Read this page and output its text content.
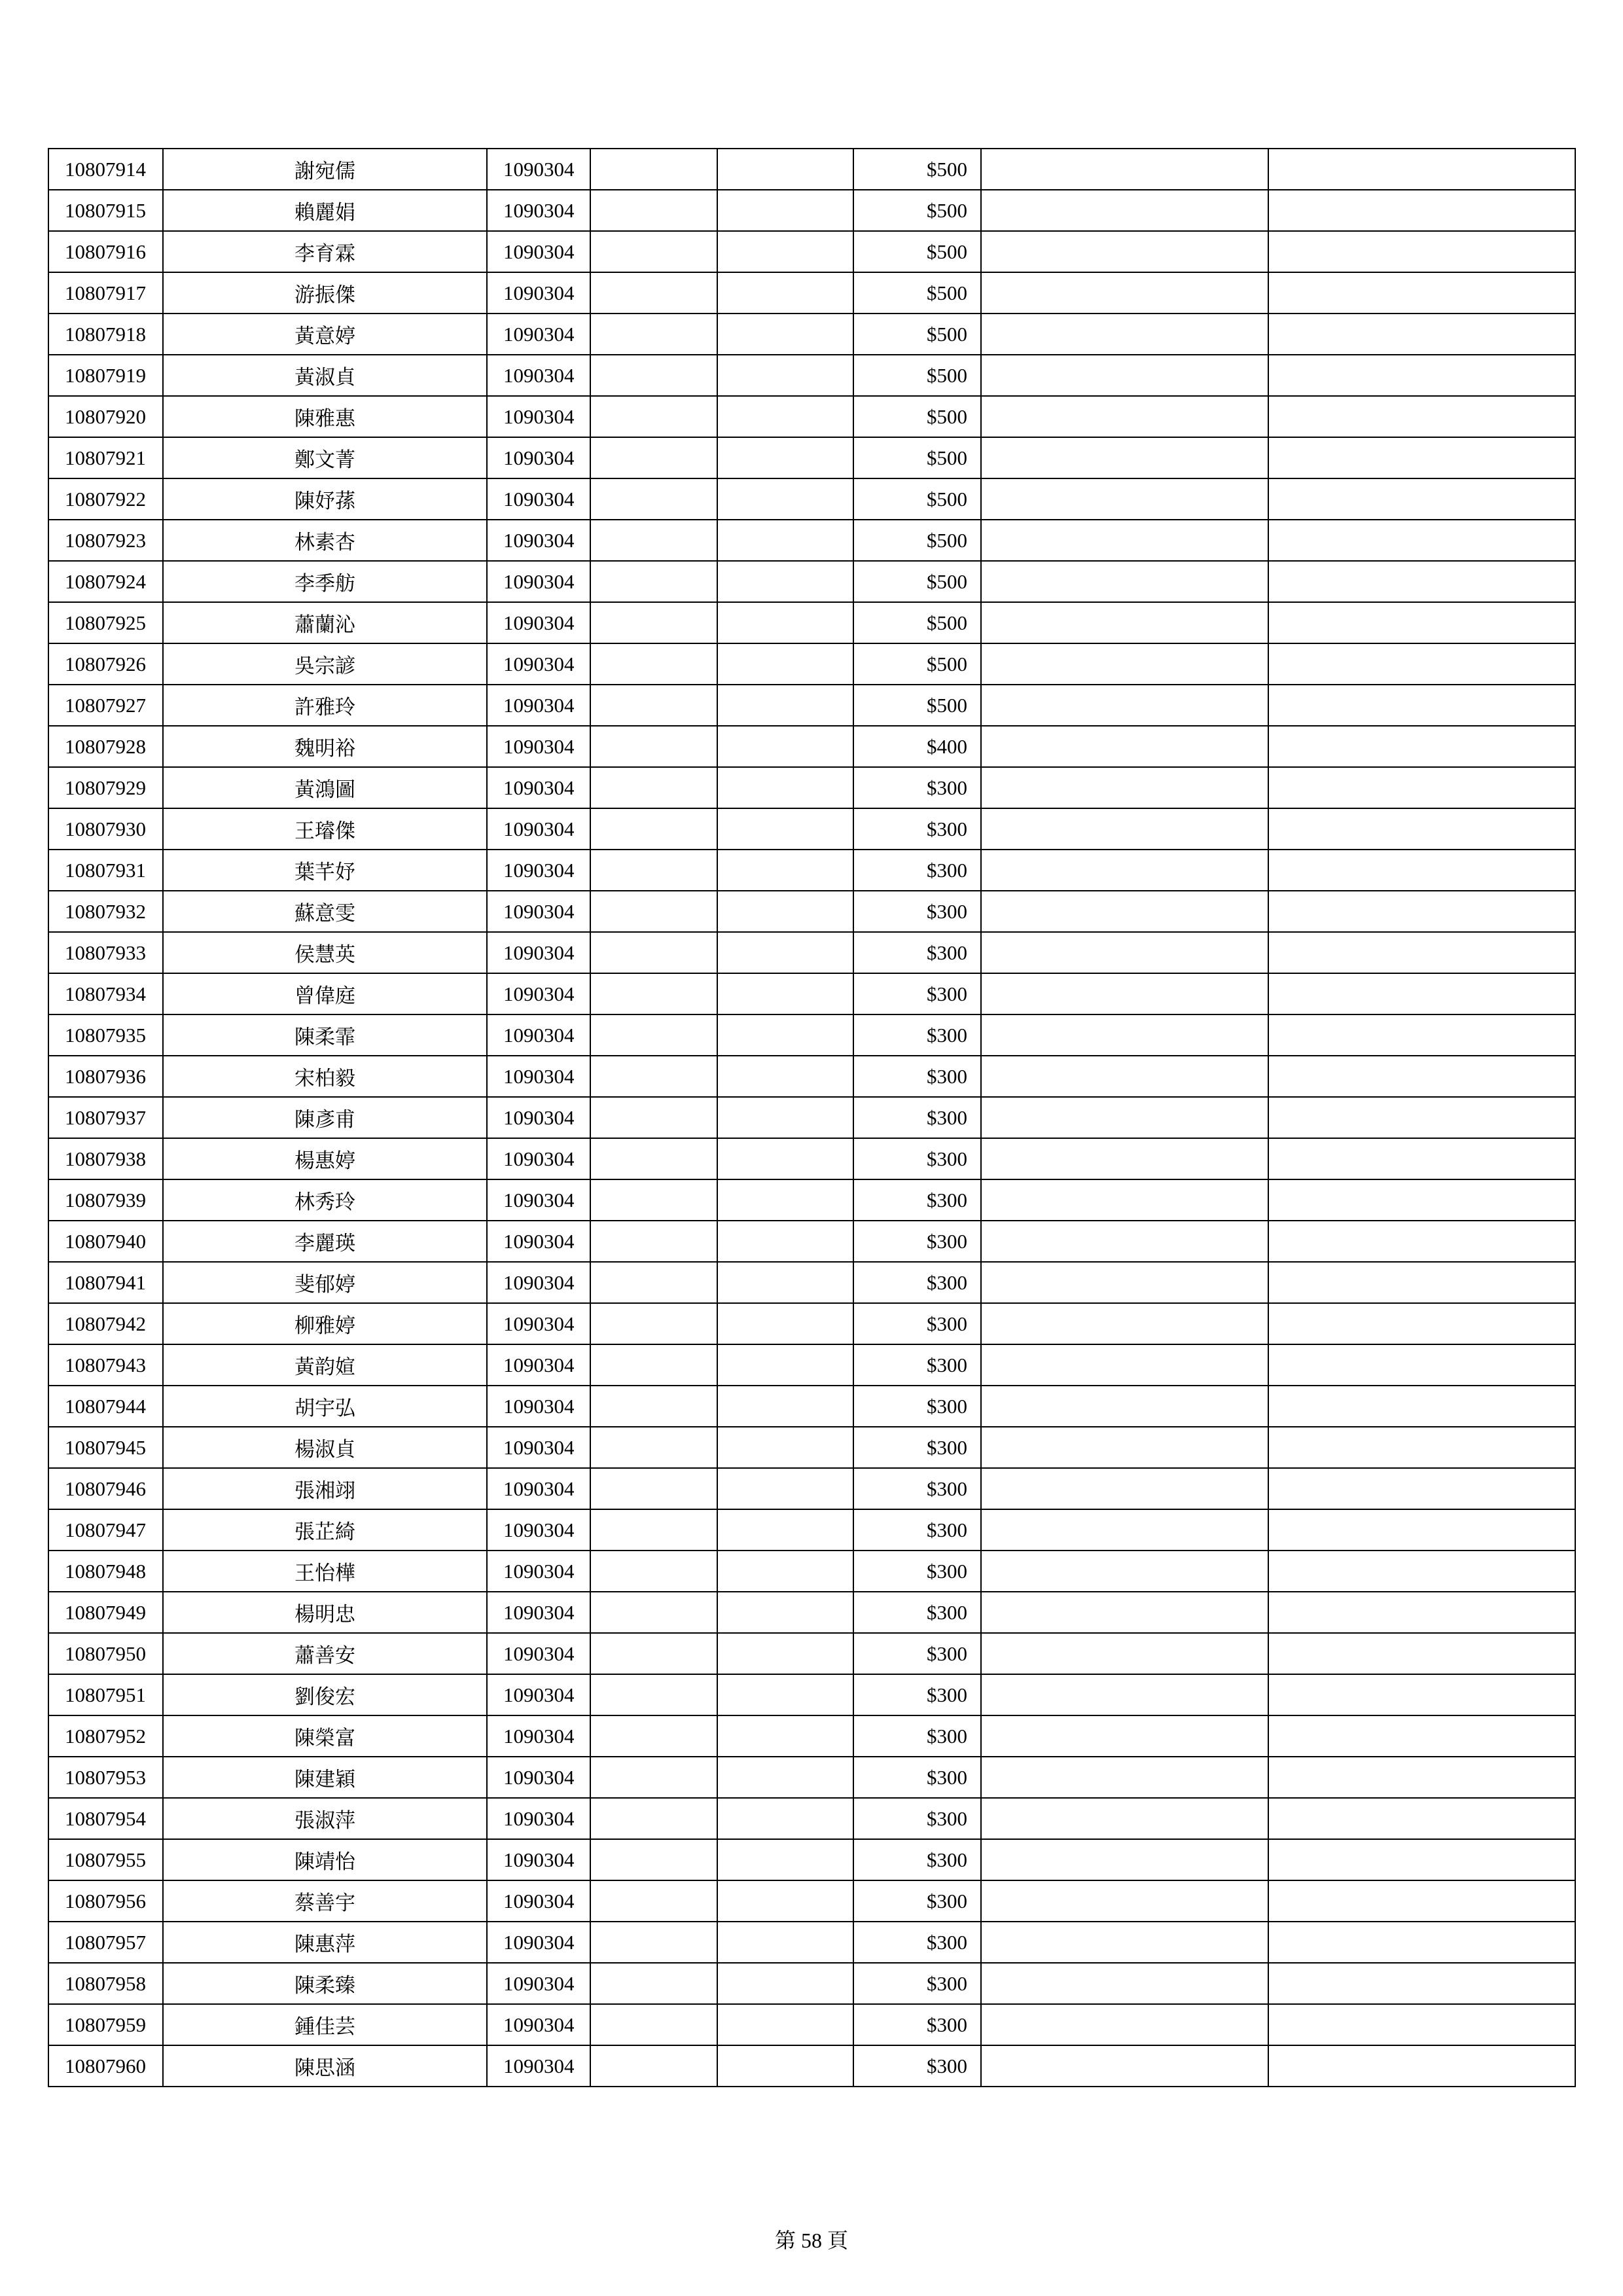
10807914	謝宛儒	1090304			$500		
10807915	賴麗娟	1090304			$500		
10807916	李育霖	1090304			$500		
10807917	游振傑	1090304			$500		
10807918	黃意婷	1090304			$500		
10807919	黃淑貞	1090304			$500		
10807920	陳雅惠	1090304			$500		
10807921	鄭文菁	1090304			$500		
10807922	陳妤蓀	1090304			$500		
10807923	林素杏	1090304			$500		
10807924	李季舫	1090304			$500		
10807925	蕭蘭沁	1090304			$500		
10807926	吳宗諺	1090304			$500		
10807927	許雅玲	1090304			$500		
10807928	魏明裕	1090304			$400		
10807929	黃鴻圖	1090304			$300		
10807930	王璿傑	1090304			$300		
10807931	葉芊妤	1090304			$300		
10807932	蘇意雯	1090304			$300		
10807933	侯慧英	1090304			$300		
10807934	曾偉庭	1090304			$300		
10807935	陳柔霏	1090304			$300		
10807936	宋柏毅	1090304			$300		
10807937	陳彥甫	1090304			$300		
10807938	楊惠婷	1090304			$300		
10807939	林秀玲	1090304			$300		
10807940	李麗瑛	1090304			$300		
10807941	斐郁婷	1090304			$300		
10807942	柳雅婷	1090304			$300		
10807943	黃韵媗	1090304			$300		
10807944	胡宇弘	1090304			$300		
10807945	楊淑貞	1090304			$300		
10807946	張湘翊	1090304			$300		
10807947	張芷綺	1090304			$300		
10807948	王怡樺	1090304			$300		
10807949	楊明忠	1090304			$300		
10807950	蕭善安	1090304			$300		
10807951	劉俊宏	1090304			$300		
10807952	陳榮富	1090304			$300		
10807953	陳建穎	1090304			$300		
10807954	張淑萍	1090304			$300		
10807955	陳靖怡	1090304			$300		
10807956	蔡善宇	1090304			$300		
10807957	陳惠萍	1090304			$300		
10807958	陳柔臻	1090304			$300		
10807959	鍾佳芸	1090304			$300		
10807960	陳思涵	1090304			$300		
第 58 頁
